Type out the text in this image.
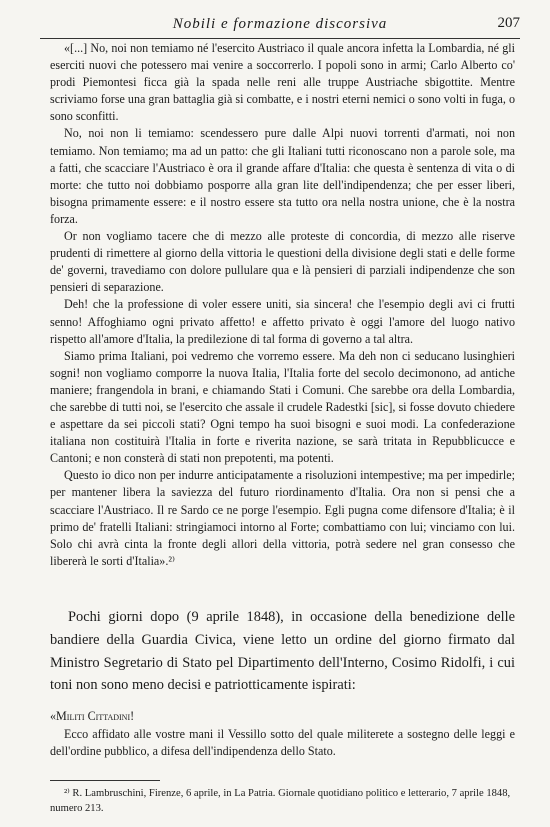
Nobili e formazione discorsiva	207

«[...] No, noi non temiamo né l'esercito Austriaco il quale ancora infetta la Lombardia, né gli eserciti nuovi che potessero mai venire a soccorrerlo. I popoli sono in armi; Carlo Alberto co' prodi Piemontesi ficca già la spada nelle reni alle truppe Austriache sbigottite. Mentre scriviamo forse una gran battaglia già si combatte, e i nostri eterni nemici o sono volti in fuga, o sono sconfitti.

No, noi non li temiamo: scendessero pure dalle Alpi nuovi torrenti d'armati, noi non temiamo. Non temiamo; ma ad un patto: che gli Italiani tutti riconoscano non a parole sole, ma a fatti, che scacciare l'Austriaco è ora il grande affare d'Italia: che questa è sentenza di vita o di morte: che tutto noi dobbiamo posporre alla gran lite dell'indipendenza; che per esser liberi, bisogna primamente essere: e il nostro essere sta tutto ora nella nostra unione, che è la nostra forza.

Or non vogliamo tacere che di mezzo alle proteste di concordia, di mezzo alle riserve prudenti di rimettere al giorno della vittoria le questioni della divisione degli stati e delle forme de' governi, travediamo con dolore pullulare qua e là pensieri di parziali indipendenze che son pensieri di separazione.

Deh! che la professione di voler essere uniti, sia sincera! che l'esempio degli avi ci frutti senno! Affoghiamo ogni privato affetto! e affetto privato è oggi l'amore del luogo nativo rispetto all'amore d'Italia, la predilezione di tal forma di governo a tal altra.

Siamo prima Italiani, poi vedremo che vorremo essere. Ma deh non ci seducano lusinghieri sogni! non vogliamo comporre la nuova Italia, l'Italia forte del secolo decimonono, ad antiche maniere; frangendola in brani, e chiamando Stati i Comuni. Che sarebbe ora della Lombardia, che sarebbe di tutti noi, se l'esercito che assale il crudele Radestki [sic], si fosse dovuto chiedere e aspettare da sei piccoli stati? Ogni tempo ha suoi bisogni e suoi modi. La confederazione italiana non costituirà l'Italia in forte e riverita nazione, se sarà tritata in Repubblicucce e Cantoni; e non consterà di stati non prepotenti, ma potenti.

Questo io dico non per indurre anticipatamente a risoluzioni intempestive; ma per impedirle; per mantener libera la saviezza del futuro riordinamento d'Italia. Ora non si pensi che a scacciare l'Austriaco. Il re Sardo ce ne porge l'esempio. Egli pugna come difensore d'Italia; è il primo de' fratelli Italiani: stringiamoci intorno al Forte; combattiamo con lui; vinciamo con lui. Solo chi avrà cinta la fronte degli allori della vittoria, potrà sedere nel gran consesso che libererà le sorti d'Italia».²⁾

Pochi giorni dopo (9 aprile 1848), in occasione della benedizione delle bandiere della Guardia Civica, viene letto un ordine del giorno firmato dal Ministro Segretario di Stato pel Dipartimento dell'Interno, Cosimo Ridolfi, i cui toni non sono meno decisi e patriotticamente ispirati:

«Militi Cittadini!

Ecco affidato alle vostre mani il Vessillo sotto del quale militerete a sostegno delle leggi e dell'ordine pubblico, a difesa dell'indipendenza dello Stato.

²⁾ R. Lambruschini, Firenze, 6 aprile, in La Patria. Giornale quotidiano politico e letterario, 7 aprile 1848, numero 213.
